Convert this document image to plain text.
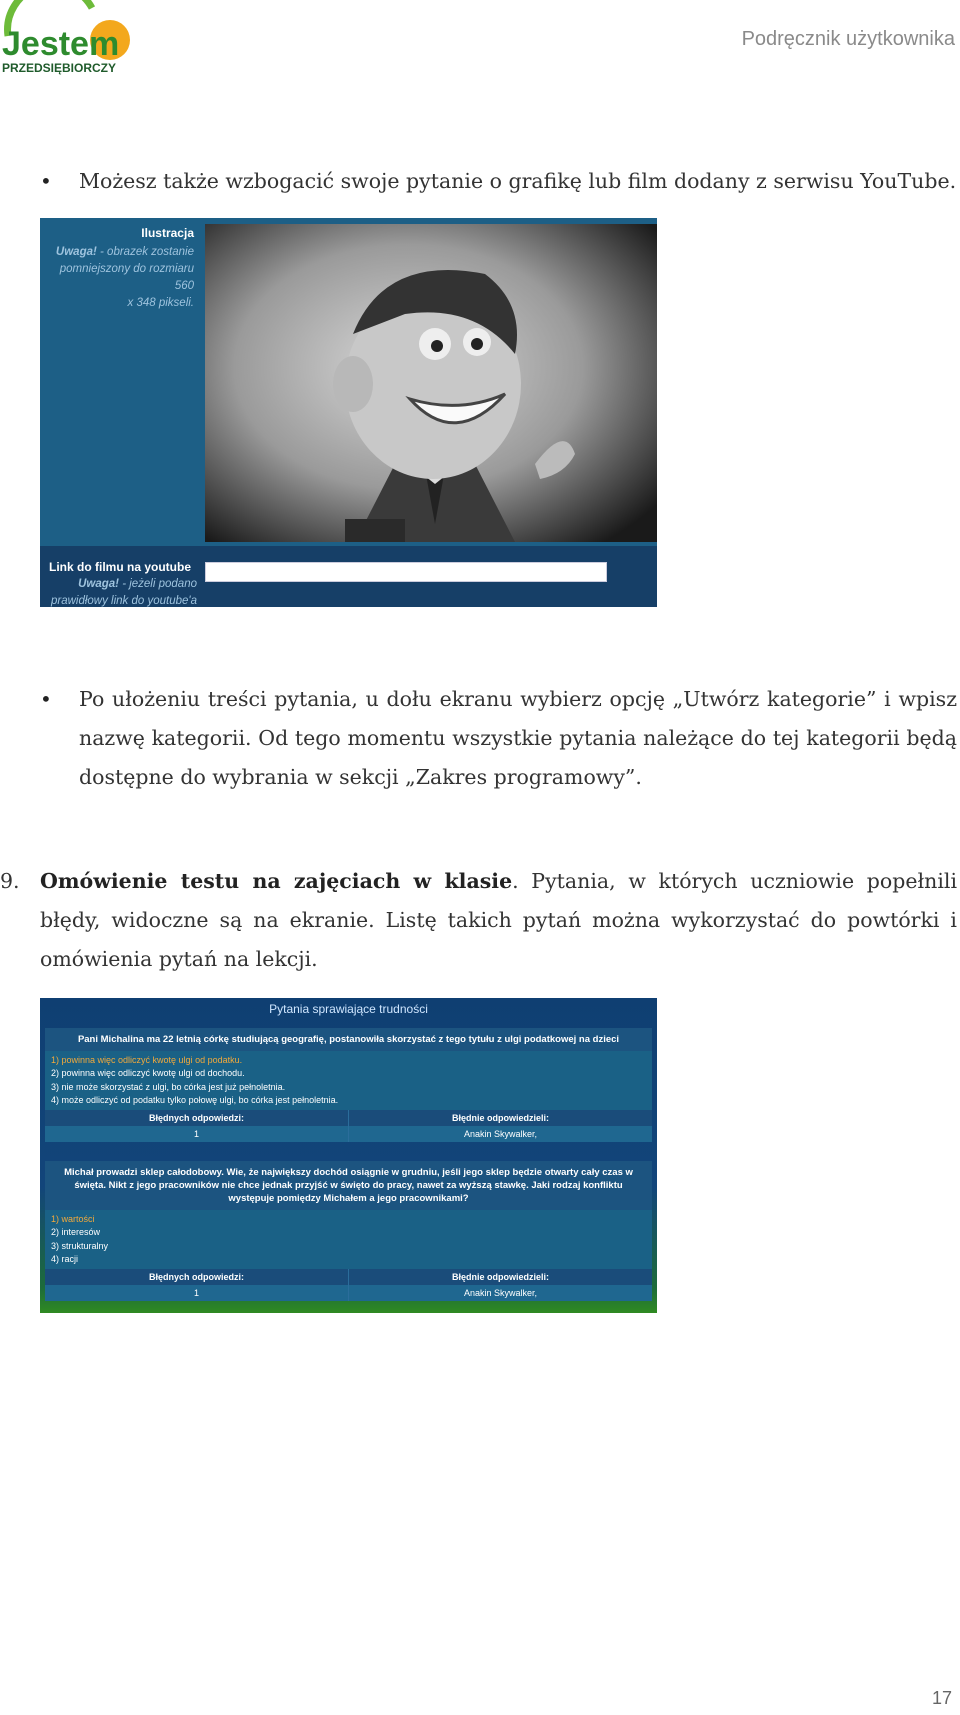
Jestem
PRZEDSIĘBIORCZY
Podręcznik użytkownika
• Możesz także wzbogacić swoje pytanie o grafikę lub film dodany z serwisu YouTube.
Ilustracja
Uwaga! - obrazek zostanie
pomniejszony do rozmiaru 560
x 348 pikseli.
Link do filmu na youtube
Uwaga! - jeżeli podano
prawidłowy link do youtube'a
• Po ułożeniu treści pytania, u dołu ekranu wybierz opcję „Utwórz kategorie” i wpisz nazwę kategorii. Od tego momentu wszystkie pytania należące do tej kategorii będą dostępne do wybrania w sekcji „Zakres programowy”.
9. Omówienie testu na zajęciach w klasie. Pytania, w których uczniowie popełnili błędy, widoczne są na ekranie. Listę takich pytań można wykorzystać do powtórki i omówienia pytań na lekcji.
Pytania sprawiające trudności
Pani Michalina ma 22 letnią córkę studiującą geografię, postanowiła skorzystać z tego tytułu z ulgi podatkowej na dzieci
1) powinna więc odliczyć kwotę ulgi od podatku.
2) powinna więc odliczyć kwotę ulgi od dochodu.
3) nie może skorzystać z ulgi, bo córka jest już pełnoletnia.
4) może odliczyć od podatku tylko połowę ulgi, bo córka jest pełnoletnia.
Błędnych odpowiedzi:	Błędnie odpowiedzieli:
1	Anakin Skywalker,
Michał prowadzi sklep całodobowy. Wie, że największy dochód osiągnie w grudniu, jeśli jego sklep będzie otwarty cały czas w święta. Nikt z jego pracowników nie chce jednak przyjść w święto do pracy, nawet za wyższą stawkę. Jaki rodzaj konfliktu występuje pomiędzy Michałem a jego pracownikami?
1) wartości
2) interesów
3) strukturalny
4) racji
Błędnych odpowiedzi:	Błędnie odpowiedzieli:
1	Anakin Skywalker,
17
